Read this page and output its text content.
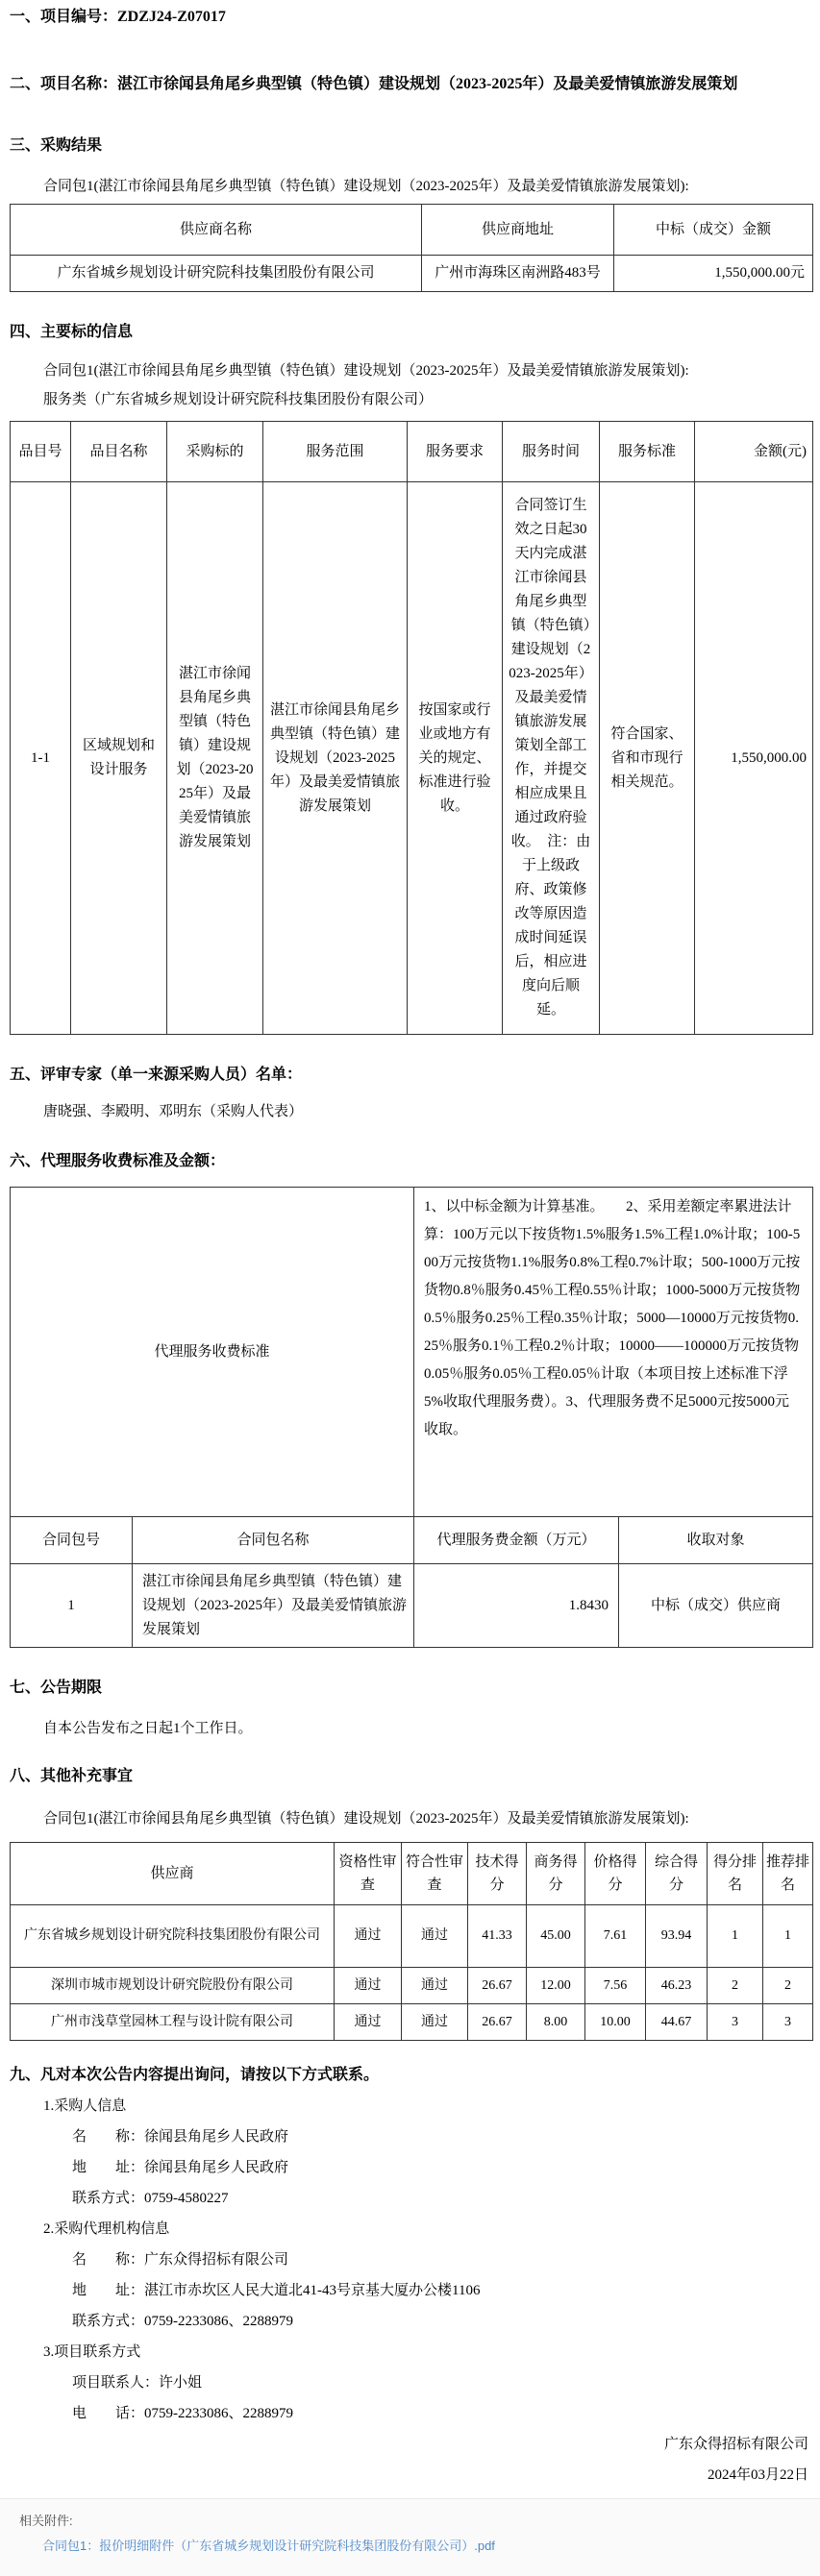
一、项目编号：ZDZJ24-Z07017
二、项目名称：湛江市徐闻县角尾乡典型镇（特色镇）建设规划（2023-2025年）及最美爱情镇旅游发展策划
三、采购结果
合同包1(湛江市徐闻县角尾乡典型镇（特色镇）建设规划（2023-2025年）及最美爱情镇旅游发展策划):
供应商名称	供应商地址	中标（成交）金额
广东省城乡规划设计研究院科技集团股份有限公司	广州市海珠区南洲路483号	1,550,000.00元
四、主要标的信息
合同包1(湛江市徐闻县角尾乡典型镇（特色镇）建设规划（2023-2025年）及最美爱情镇旅游发展策划):
服务类（广东省城乡规划设计研究院科技集团股份有限公司）
品目号	品目名称	采购标的	服务范围	服务要求	服务时间	服务标准	金额(元)
1-1	区域规划和设计服务	湛江市徐闻县角尾乡典型镇（特色镇）建设规划（2023-2025年）及最美爱情镇旅游发展策划	湛江市徐闻县角尾乡典型镇（特色镇）建设规划（2023-2025年）及最美爱情镇旅游发展策划	按国家或行业或地方有关的规定、标准进行验收。	合同签订生效之日起30天内完成湛江市徐闻县角尾乡典型镇（特色镇）建设规划（2023-2025年）及最美爱情镇旅游发展策划全部工作，并提交相应成果且通过政府验收。　注：由于上级政府、政策修改等原因造成时间延误后，相应进度向后顺延。	符合国家、省和市现行相关规范。	1,550,000.00
五、评审专家（单一来源采购人员）名单：
唐晓强、李殿明、邓明东（采购人代表）
六、代理服务收费标准及金额：
代理服务收费标准		1、以中标金额为计算基准。　　2、采用差额定率累进法计算：100万元以下按货物1.5%服务1.5%工程1.0%计取；100-500万元按货物1.1%服务0.8%工程0.7%计取；500-1000万元按货物0.8％服务0.45％工程0.55％计取；1000-5000万元按货物0.5％服务0.25％工程0.35％计取；5000—10000万元按货物0.25％服务0.1％工程0.2％计取；10000——100000万元按货物0.05％服务0.05％工程0.05％计取（本项目按上述标准下浮5%收取代理服务费）。3、代理服务费不足5000元按5000元收取。	
合同包号	合同包名称	代理服务费金额（万元）	收取对象
1	湛江市徐闻县角尾乡典型镇（特色镇）建设规划（2023-2025年）及最美爱情镇旅游发展策划	1.8430	中标（成交）供应商
七、公告期限
自本公告发布之日起1个工作日。
八、其他补充事宜
合同包1(湛江市徐闻县角尾乡典型镇（特色镇）建设规划（2023-2025年）及最美爱情镇旅游发展策划):
供应商	资格性审查	符合性审查	技术得分	商务得分	价格得分	综合得分	得分排名	推荐排名
广东省城乡规划设计研究院科技集团股份有限公司	通过	通过	41.33	45.00	7.61	93.94	1	1
深圳市城市规划设计研究院股份有限公司	通过	通过	26.67	12.00	7.56	46.23	2	2
广州市浅草堂园林工程与设计院有限公司	通过	通过	26.67	8.00	10.00	44.67	3	3
九、凡对本次公告内容提出询问，请按以下方式联系。
1.采购人信息
名　　称：徐闻县角尾乡人民政府
地　　址：徐闻县角尾乡人民政府
联系方式：0759-4580227
2.采购代理机构信息
名　　称：广东众得招标有限公司
地　　址：湛江市赤坎区人民大道北41-43号京基大厦办公楼1106
联系方式：0759-2233086、2288979
3.项目联系方式
项目联系人：许小姐
电　　话：0759-2233086、2288979
广东众得招标有限公司
2024年03月22日
相关附件:
合同包1：报价明细附件（广东省城乡规划设计研究院科技集团股份有限公司）.pdf
